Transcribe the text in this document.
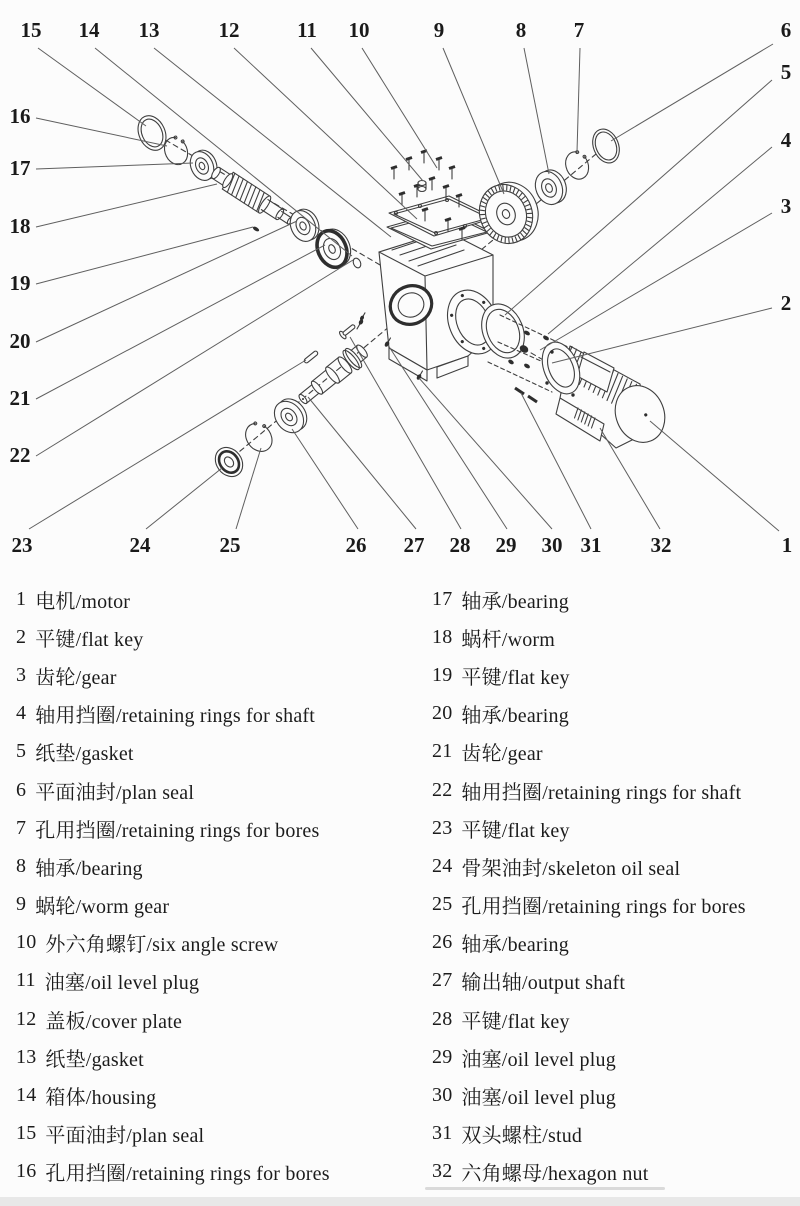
15 14 13	12	11 10	9	8 7	6
5
4
3
2
16
17
18
19
20
21
22
23	24	25	26 27 28 29 30 31 32	1
1 电机/motor
2 平键/flat key
3 齿轮/gear
4 轴用挡圈/retaining rings for shaft
5 纸垫/gasket
6 平面油封/plan seal
7 孔用挡圈/retaining rings for bores
8 轴承/bearing
9 蜗轮/worm gear
10 外六角螺钉/six angle screw
11 油塞/oil level plug
12 盖板/cover plate
13 纸垫/gasket
14 箱体/housing
15 平面油封/plan seal
16 孔用挡圈/retaining rings for bores
17 轴承/bearing
18 蜗杆/worm
19 平键/flat key
20 轴承/bearing
21 齿轮/gear
22 轴用挡圈/retaining rings for shaft
23 平键/flat key
24 骨架油封/skeleton oil seal
25 孔用挡圈/retaining rings for bores
26 轴承/bearing
27 输出轴/output shaft
28 平键/flat key
29 油塞/oil level plug
30 油塞/oil level plug
31 双头螺柱/stud
32 六角螺母/hexagon nut
